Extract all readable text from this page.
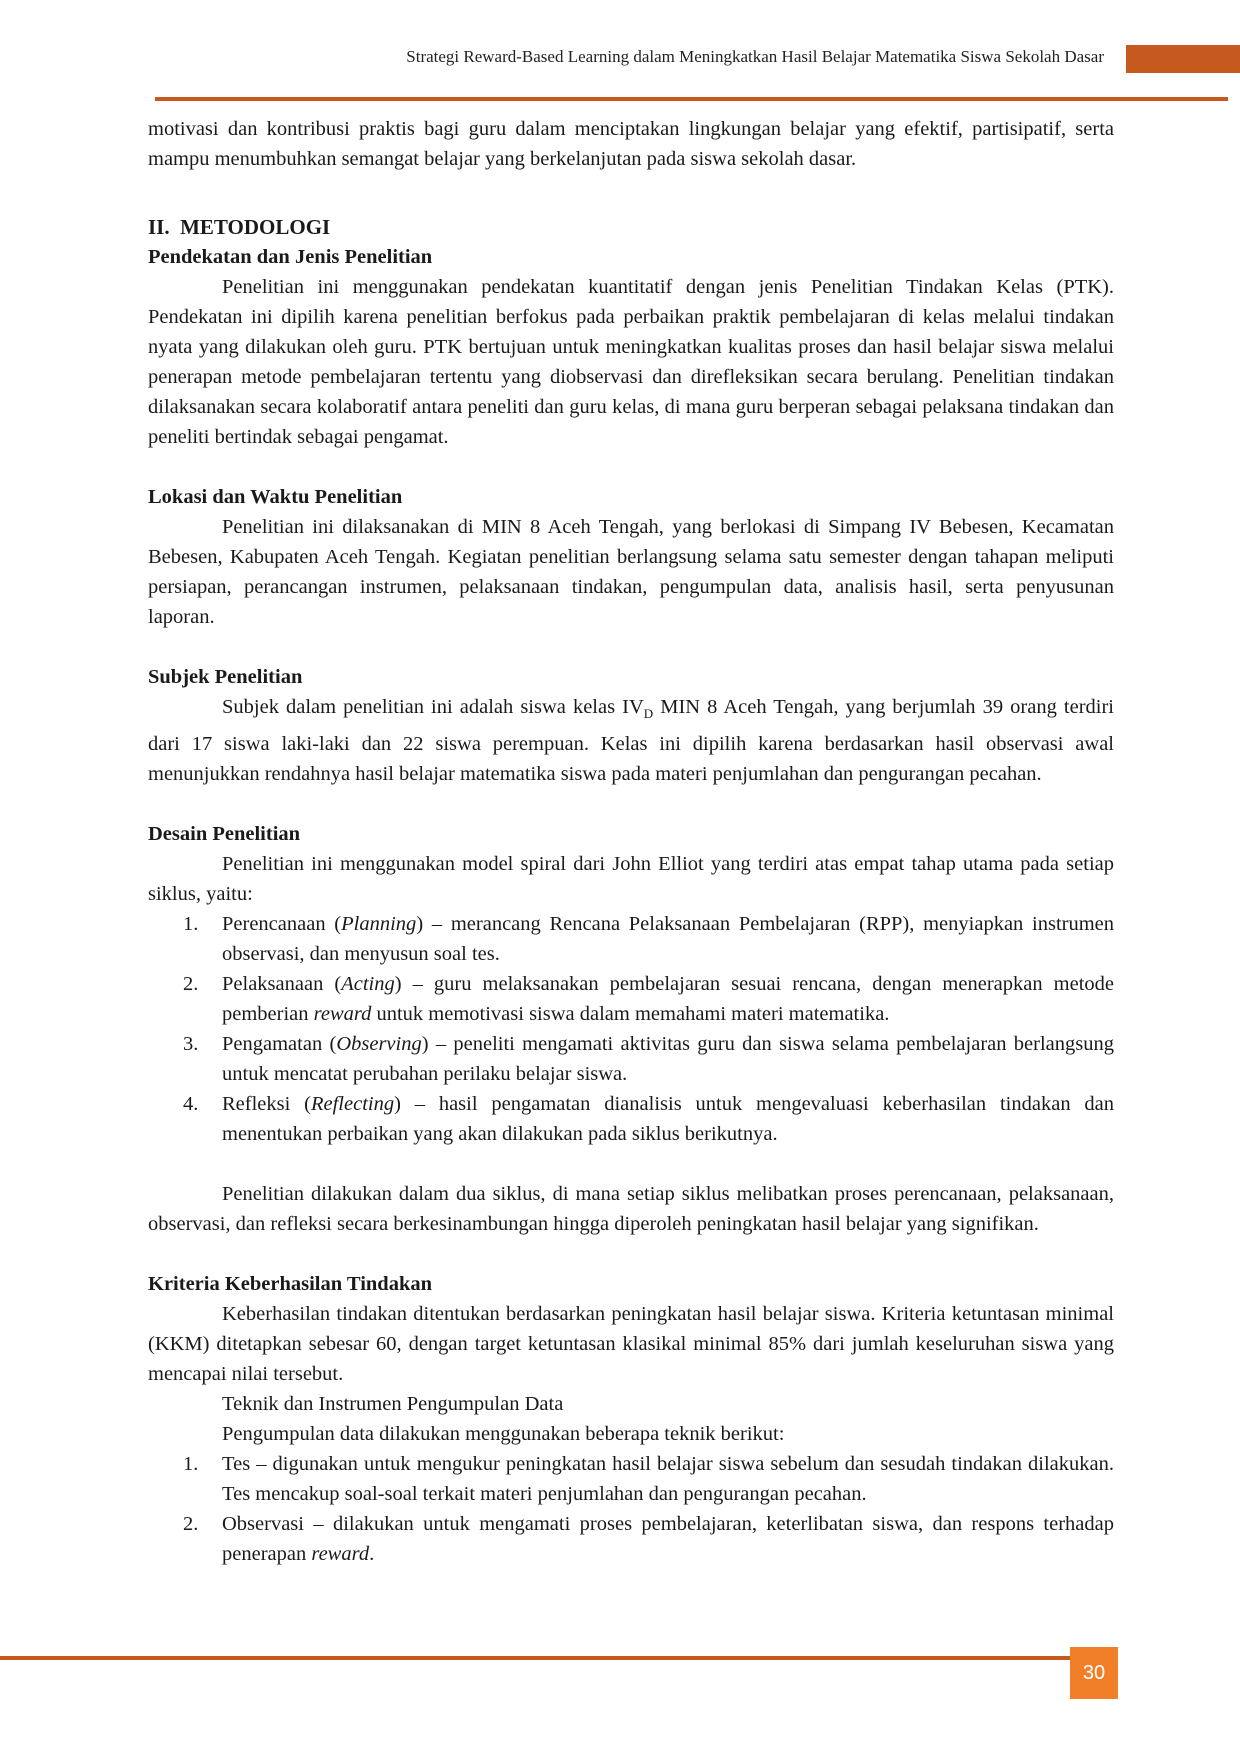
Strategi Reward-Based Learning dalam Meningkatkan Hasil Belajar Matematika Siswa Sekolah Dasar

motivasi dan kontribusi praktis bagi guru dalam menciptakan lingkungan belajar yang efektif, partisipatif, serta mampu menumbuhkan semangat belajar yang berkelanjutan pada siswa sekolah dasar.

II.  METODOLOGI

Pendekatan dan Jenis Penelitian

Penelitian ini menggunakan pendekatan kuantitatif dengan jenis Penelitian Tindakan Kelas (PTK). Pendekatan ini dipilih karena penelitian berfokus pada perbaikan praktik pembelajaran di kelas melalui tindakan nyata yang dilakukan oleh guru. PTK bertujuan untuk meningkatkan kualitas proses dan hasil belajar siswa melalui penerapan metode pembelajaran tertentu yang diobservasi dan direfleksikan secara berulang. Penelitian tindakan dilaksanakan secara kolaboratif antara peneliti dan guru kelas, di mana guru berperan sebagai pelaksana tindakan dan peneliti bertindak sebagai pengamat.

Lokasi dan Waktu Penelitian

Penelitian ini dilaksanakan di MIN 8 Aceh Tengah, yang berlokasi di Simpang IV Bebesen, Kecamatan Bebesen, Kabupaten Aceh Tengah. Kegiatan penelitian berlangsung selama satu semester dengan tahapan meliputi persiapan, perancangan instrumen, pelaksanaan tindakan, pengumpulan data, analisis hasil, serta penyusunan laporan.

Subjek Penelitian

Subjek dalam penelitian ini adalah siswa kelas $IV_D$ MIN 8 Aceh Tengah, yang berjumlah 39 orang terdiri dari 17 siswa laki-laki dan 22 siswa perempuan. Kelas ini dipilih karena berdasarkan hasil observasi awal menunjukkan rendahnya hasil belajar matematika siswa pada materi penjumlahan dan pengurangan pecahan.

Desain Penelitian

Penelitian ini menggunakan model spiral dari John Elliot yang terdiri atas empat tahap utama pada setiap siklus, yaitu:

1. Perencanaan (Planning) – merancang Rencana Pelaksanaan Pembelajaran (RPP), menyiapkan instrumen observasi, dan menyusun soal tes.
2. Pelaksanaan (Acting) – guru melaksanakan pembelajaran sesuai rencana, dengan menerapkan metode pemberian reward untuk memotivasi siswa dalam memahami materi matematika.
3. Pengamatan (Observing) – peneliti mengamati aktivitas guru dan siswa selama pembelajaran berlangsung untuk mencatat perubahan perilaku belajar siswa.
4. Refleksi (Reflecting) – hasil pengamatan dianalisis untuk mengevaluasi keberhasilan tindakan dan menentukan perbaikan yang akan dilakukan pada siklus berikutnya.

Penelitian dilakukan dalam dua siklus, di mana setiap siklus melibatkan proses perencanaan, pelaksanaan, observasi, dan refleksi secara berkesinambungan hingga diperoleh peningkatan hasil belajar yang signifikan.

Kriteria Keberhasilan Tindakan

Keberhasilan tindakan ditentukan berdasarkan peningkatan hasil belajar siswa. Kriteria ketuntasan minimal (KKM) ditetapkan sebesar 60, dengan target ketuntasan klasikal minimal 85% dari jumlah keseluruhan siswa yang mencapai nilai tersebut.

Teknik dan Instrumen Pengumpulan Data

Pengumpulan data dilakukan menggunakan beberapa teknik berikut:

1. Tes – digunakan untuk mengukur peningkatan hasil belajar siswa sebelum dan sesudah tindakan dilakukan. Tes mencakup soal-soal terkait materi penjumlahan dan pengurangan pecahan.
2. Observasi – dilakukan untuk mengamati proses pembelajaran, keterlibatan siswa, dan respons terhadap penerapan reward.
30
